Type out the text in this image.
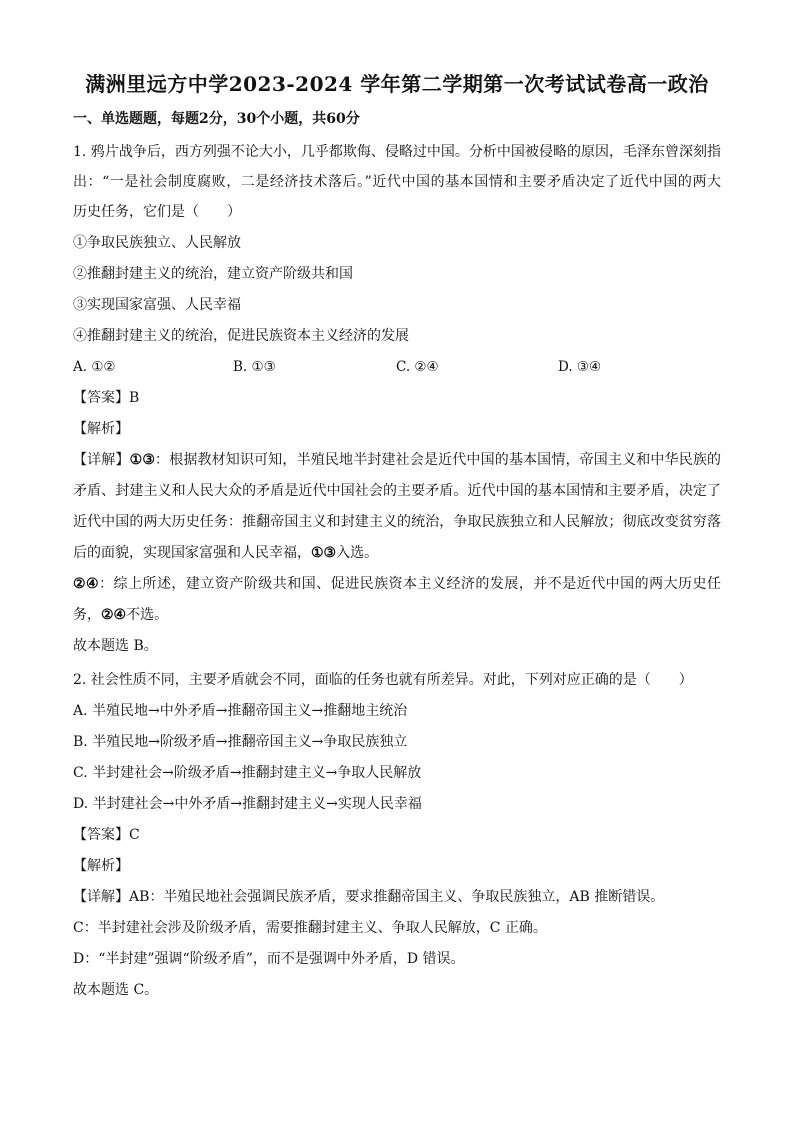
满洲里远方中学2023-2024 学年第二学期第一次考试试卷高一政治
一、单选题题，每题2分，30个小题，共60分
1. 鸦片战争后，西方列强不论大小，几乎都欺侮、侵略过中国。分析中国被侵略的原因，毛泽东曾深刻指
出：“一是社会制度腐败，二是经济技术落后。”近代中国的基本国情和主要矛盾决定了近代中国的两大
历史任务，它们是（　　）
①争取民族独立、人民解放
②推翻封建主义的统治，建立资产阶级共和国
③实现国家富强、人民幸福
④推翻封建主义的统治，促进民族资本主义经济的发展
A. ①②	B. ①③	C. ②④	D. ③④
【答案】B
【解析】
【详解】①③：根据教材知识可知，半殖民地半封建社会是近代中国的基本国情，帝国主义和中华民族的
矛盾、封建主义和人民大众的矛盾是近代中国社会的主要矛盾。近代中国的基本国情和主要矛盾，决定了
近代中国的两大历史任务：推翻帝国主义和封建主义的统治，争取民族独立和人民解放；彻底改变贫穷落
后的面貌，实现国家富强和人民幸福，①③入选。
②④：综上所述，建立资产阶级共和国、促进民族资本主义经济的发展，并不是近代中国的两大历史任
务，②④不选。
故本题选 B。
2. 社会性质不同，主要矛盾就会不同，面临的任务也就有所差异。对此，下列对应正确的是（　　）
A. 半殖民地→中外矛盾→推翻帝国主义→推翻地主统治
B. 半殖民地→阶级矛盾→推翻帝国主义→争取民族独立
C. 半封建社会→阶级矛盾→推翻封建主义→争取人民解放
D. 半封建社会→中外矛盾→推翻封建主义→实现人民幸福
【答案】C
【解析】
【详解】AB：半殖民地社会强调民族矛盾，要求推翻帝国主义、争取民族独立，AB 推断错误。
C：半封建社会涉及阶级矛盾，需要推翻封建主义、争取人民解放，C 正确。
D：“半封建”强调“阶级矛盾”，而不是强调中外矛盾，D 错误。
故本题选 C。
